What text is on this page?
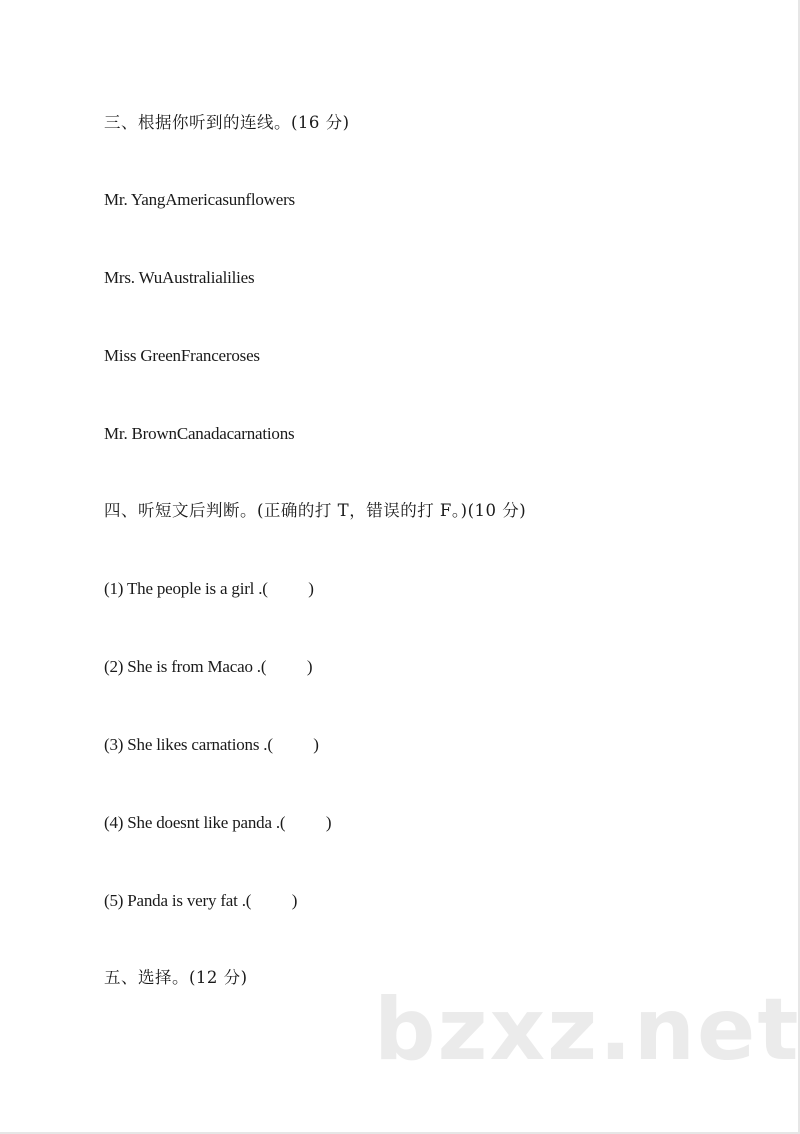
三、根据你听到的连线。(16 分)
Mr. YangAmericasunflowers
Mrs. WuAustralialilies
Miss GreenFranceroses
Mr. BrownCanadacarnations
四、听短文后判断。(正确的打 T，错误的打 F。)(10 分)
(1) The people is a girl .(          )
(2) She is from Macao .(          )
(3) She likes carnations .(          )
(4) She doesnt like panda .(          )
(5) Panda is very fat .(          )
五、选择。(12 分)
bzxz.net
